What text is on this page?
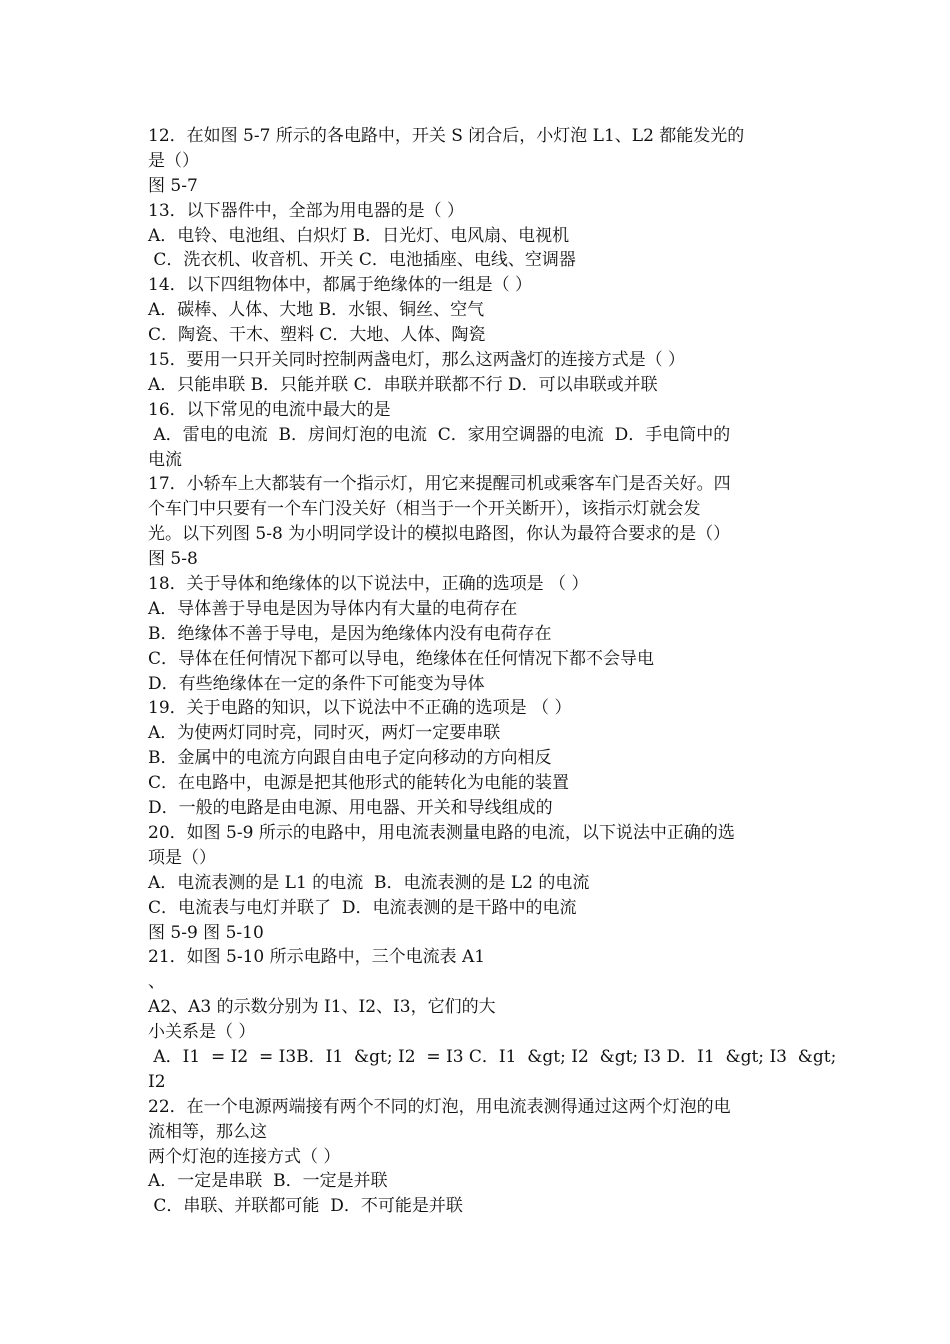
12．在如图 5-7 所示的各电路中，开关 S 闭合后，小灯泡 L1、L2 都能发光的
是（）
图 5-7
13．以下器件中，全部为用电器的是（ ）
A．电铃、电池组、白炽灯 B．日光灯、电风扇、电视机
C．洗衣机、收音机、开关 C．电池插座、电线、空调器
14．以下四组物体中，都属于绝缘体的一组是（ ）
A．碳棒、人体、大地 B．水银、铜丝、空气
C．陶瓷、干木、塑料 C．大地、人体、陶瓷
15．要用一只开关同时控制两盏电灯，那么这两盏灯的连接方式是（ ）
A．只能串联 B．只能并联 C．串联并联都不行 D．可以串联或并联
16．以下常见的电流中最大的是
A．雷电的电流  B．房间灯泡的电流  C．家用空调器的电流  D．手电筒中的
电流
17．小轿车上大都装有一个指示灯，用它来提醒司机或乘客车门是否关好。四
个车门中只要有一个车门没关好（相当于一个开关断开），该指示灯就会发
光。以下列图 5-8 为小明同学设计的模拟电路图，你认为最符合要求的是（）
图 5-8
18．关于导体和绝缘体的以下说法中，正确的选项是 （ ）
A．导体善于导电是因为导体内有大量的电荷存在
B．绝缘体不善于导电，是因为绝缘体内没有电荷存在
C．导体在任何情况下都可以导电，绝缘体在任何情况下都不会导电
D．有些绝缘体在一定的条件下可能变为导体
19．关于电路的知识，以下说法中不正确的选项是 （ ）
A．为使两灯同时亮，同时灭，两灯一定要串联
B．金属中的电流方向跟自由电子定向移动的方向相反
C．在电路中，电源是把其他形式的能转化为电能的装置
D．一般的电路是由电源、用电器、开关和导线组成的
20．如图 5-9 所示的电路中，用电流表测量电路的电流，以下说法中正确的选
项是（）
A．电流表测的是 L1 的电流  B．电流表测的是 L2 的电流
C．电流表与电灯并联了  D．电流表测的是干路中的电流
图 5-9 图 5-10
21．如图 5-10 所示电路中，三个电流表 A1
、
A2、A3 的示数分别为 I1、I2、I3，它们的大
小关系是（ ）
A．I1  = I2  = I3B．I1  &gt; I2  = I3 C．I1  &gt; I2  &gt; I3 D．I1  &gt; I3  &gt;
I2
22．在一个电源两端接有两个不同的灯泡，用电流表测得通过这两个灯泡的电
流相等，那么这
两个灯泡的连接方式（ ）
A．一定是串联  B．一定是并联
C．串联、并联都可能  D．不可能是并联
